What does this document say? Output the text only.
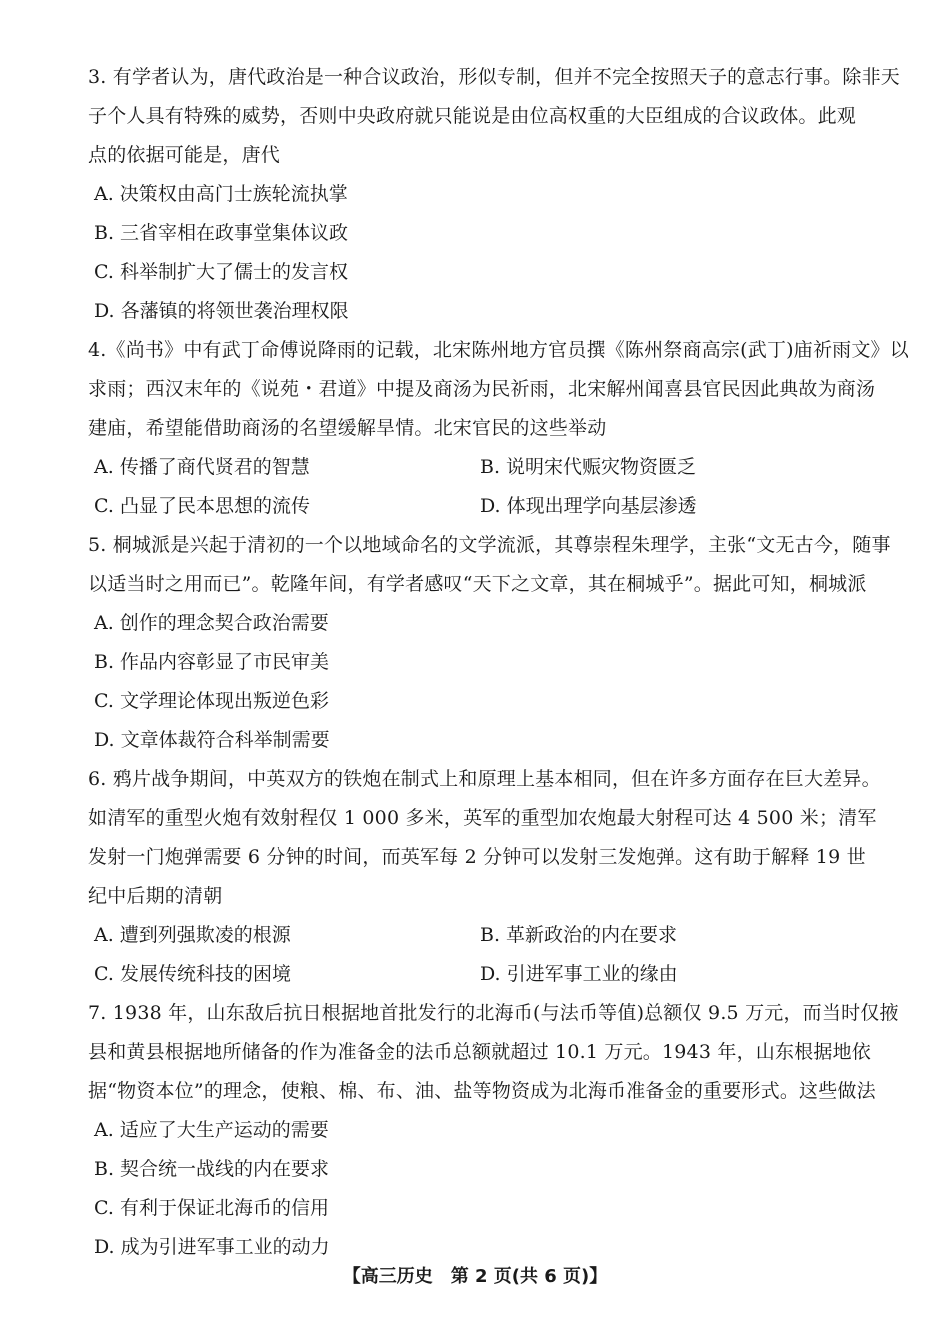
3. 有学者认为，唐代政治是一种合议政治，形似专制，但并不完全按照天子的意志行事。除非天
子个人具有特殊的威势，否则中央政府就只能说是由位高权重的大臣组成的合议政体。此观
点的依据可能是，唐代
A. 决策权由高门士族轮流执掌
B. 三省宰相在政事堂集体议政
C. 科举制扩大了儒士的发言权
D. 各藩镇的将领世袭治理权限
4.《尚书》中有武丁命傅说降雨的记载，北宋陈州地方官员撰《陈州祭商高宗(武丁)庙祈雨文》以
求雨；西汉末年的《说苑・君道》中提及商汤为民祈雨，北宋解州闻喜县官民因此典故为商汤
建庙，希望能借助商汤的名望缓解旱情。北宋官民的这些举动
A. 传播了商代贤君的智慧	B. 说明宋代赈灾物资匮乏
C. 凸显了民本思想的流传	D. 体现出理学向基层渗透
5. 桐城派是兴起于清初的一个以地域命名的文学流派，其尊崇程朱理学，主张“文无古今，随事
以适当时之用而已”。乾隆年间，有学者感叹“天下之文章，其在桐城乎”。据此可知，桐城派
A. 创作的理念契合政治需要
B. 作品内容彰显了市民审美
C. 文学理论体现出叛逆色彩
D. 文章体裁符合科举制需要
6. 鸦片战争期间，中英双方的铁炮在制式上和原理上基本相同，但在许多方面存在巨大差异。
如清军的重型火炮有效射程仅 1 000 多米，英军的重型加农炮最大射程可达 4 500 米；清军
发射一门炮弹需要 6 分钟的时间，而英军每 2 分钟可以发射三发炮弹。这有助于解释 19 世
纪中后期的清朝
A. 遭到列强欺凌的根源	B. 革新政治的内在要求
C. 发展传统科技的困境	D. 引进军事工业的缘由
7. 1938 年，山东敌后抗日根据地首批发行的北海币(与法币等值)总额仅 9.5 万元，而当时仅掖
县和黄县根据地所储备的作为准备金的法币总额就超过 10.1 万元。1943 年，山东根据地依
据“物资本位”的理念，使粮、棉、布、油、盐等物资成为北海币准备金的重要形式。这些做法
A. 适应了大生产运动的需要
B. 契合统一战线的内在要求
C. 有利于保证北海币的信用
D. 成为引进军事工业的动力
【高三历史　第 2 页(共 6 页)】
